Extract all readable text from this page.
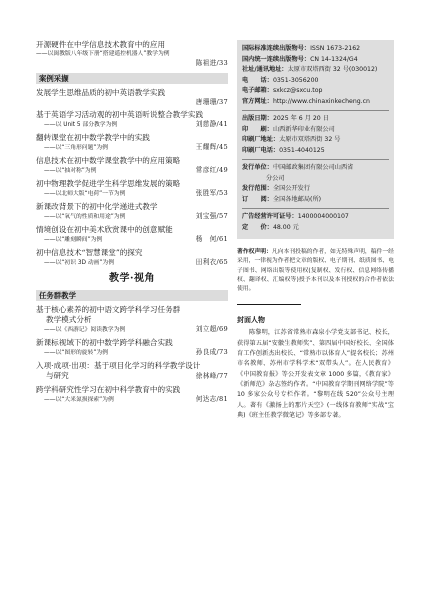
开源硬件在中学信息技术教育中的应用
——以闽教版八年级下册“搭建遥控机器人”教学为例
陈祖进/33
案例采撷
发展学生思维品质的初中英语教学实践
唐珊珊/37
基于英语学习活动观的初中英语听说整合教学实践
——以 Unit 5 部分教学为例	刘慈静/41
翻转课堂在初中数学教学中的实践
——以“三角形问题”为例	王耀辉/45
信息技术在初中数学课堂教学中的应用策略
——以“抽对称”为例	常彦红/49
初中物理教学促进学生科学思维发展的策略
——以北师大版“电荷”一节为例	张胜军/53
新课改背景下的初中化学递进式教学
——以“氧气的性质和用途”为例	刘宝强/57
情境创设在初中美术欣赏课中的创意赋能
——以“雕刻瞬间”为例	杨　何/61
初中信息技术“智慧课堂”的探究
——以“初识 3D 动画”为例	田利衣/65
教学·视角
任务群教学
基于核心素养的初中语文跨学科学习任务群
教学模式分析
——以《西游记》阅读教学为例	刘立超/69
新课标视域下的初中数学跨学科融合实践
——以“图形的旋转”为例	孙良成/73
入项·成项·出项：基于项目化学习的科学教学设计
与研究	徐林峰/77
跨学科研究性学习在初中科学教育中的实践
——以“大米氮损探索”为例	何达志/81
国际标准连续出版物号：ISSN 1673-2162
国内统一连续出版物号：CN 14-1324/G4
社址/通讯地址：太原市双塔西街 32 号(030012)
电　　话：0351-3056200
电子邮箱：sxkcz@sxcu.top
官方网址：http://www.chinaxinkecheng.cn
出版日期：2025 年 6 月 20 日
印　　刷：山西新华印业有限公司
印刷厂地址：太原市双塔西街 32 号
印刷厂电话：0351-4040125
发行单位：中国邮政集团有限公司山西省
分公司
发行范围：全国公开发行
订　　阅：全国各地邮局(所)
广告经营许可证号：1400004000107
定　　价：48.00 元
著作权声明：凡向本刊投稿的作者，如无特殊声明，稿件一经采用，一律视为作者把文章的版权、电子期刊、纸质图书、电子图书、网络出版等使用权(复制权、发行权、信息网络传播权、翻译权、汇编权等)授予本刊以及本刊授权的合作者依法使用。
封面人物
陈黎明，江苏省常熟市森泉小学党支部书记、校长，获得第五届“安徽生教师奖”、第四届中国好校长、全国体育工作创新杰出校长、“常熟市以体育人”提名校长；苏州市名教师、苏州市学科学术“双带头人”。在人民教育》《中国教育报》等公开发表文章 1000 多篇，《教育家》《新师范》杂志签约作者。“中国教育学期刊网络学院”等 10 多家公众号专栏作者。“黎明在线 520”公众号主理人。著有《激扬上的那片天空》(一线体育教师“实战”宝典)《班主任教学微笔记》等多部专著。
